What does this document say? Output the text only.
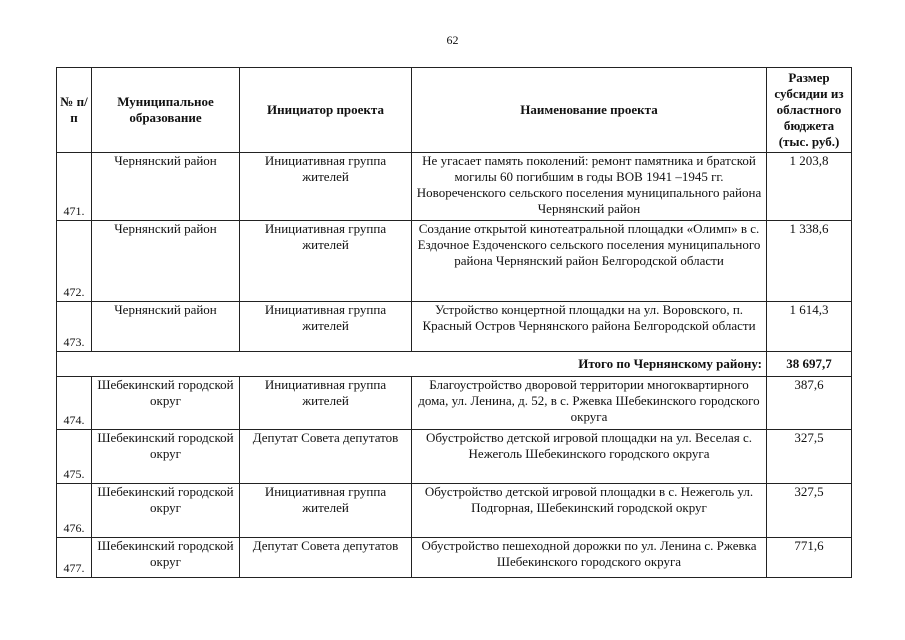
62
№ п/п	Муниципальное образование	Инициатор проекта	Наименование проекта	Размер субсидии из областного бюджета (тыс. руб.)
471.	Чернянский район	Инициативная группа жителей	Не угасает память поколений: ремонт памятника и братской могилы 60 погибшим в годы ВОВ 1941 –1945 гг. Новореченского сельского поселения муниципального района Чернянский район	1 203,8
472.	Чернянский район	Инициативная группа жителей	Создание открытой кинотеатральной площадки «Олимп» в с. Ездочное Ездоченского сельского поселения муниципального района Чернянский район Белгородской области	1 338,6
473.	Чернянский район	Инициативная группа жителей	Устройство концертной площадки на ул. Воровского, п. Красный Остров Чернянского района Белгородской области	1 614,3
Итого по Чернянскому району:				38 697,7
474.	Шебекинский городской округ	Инициативная группа жителей	Благоустройство дворовой территории многоквартирного дома, ул. Ленина, д. 52, в с. Ржевка Шебекинского городского округа	387,6
475.	Шебекинский городской округ	Депутат Совета депутатов	Обустройство детской игровой площадки на ул. Веселая с. Нежеголь Шебекинского городского округа	327,5
476.	Шебекинский городской округ	Инициативная группа жителей	Обустройство детской игровой площадки в с. Нежеголь ул. Подгорная, Шебекинский городской округ	327,5
477.	Шебекинский городской округ	Депутат Совета депутатов	Обустройство пешеходной дорожки по ул. Ленина с. Ржевка Шебекинского городского округа	771,6
